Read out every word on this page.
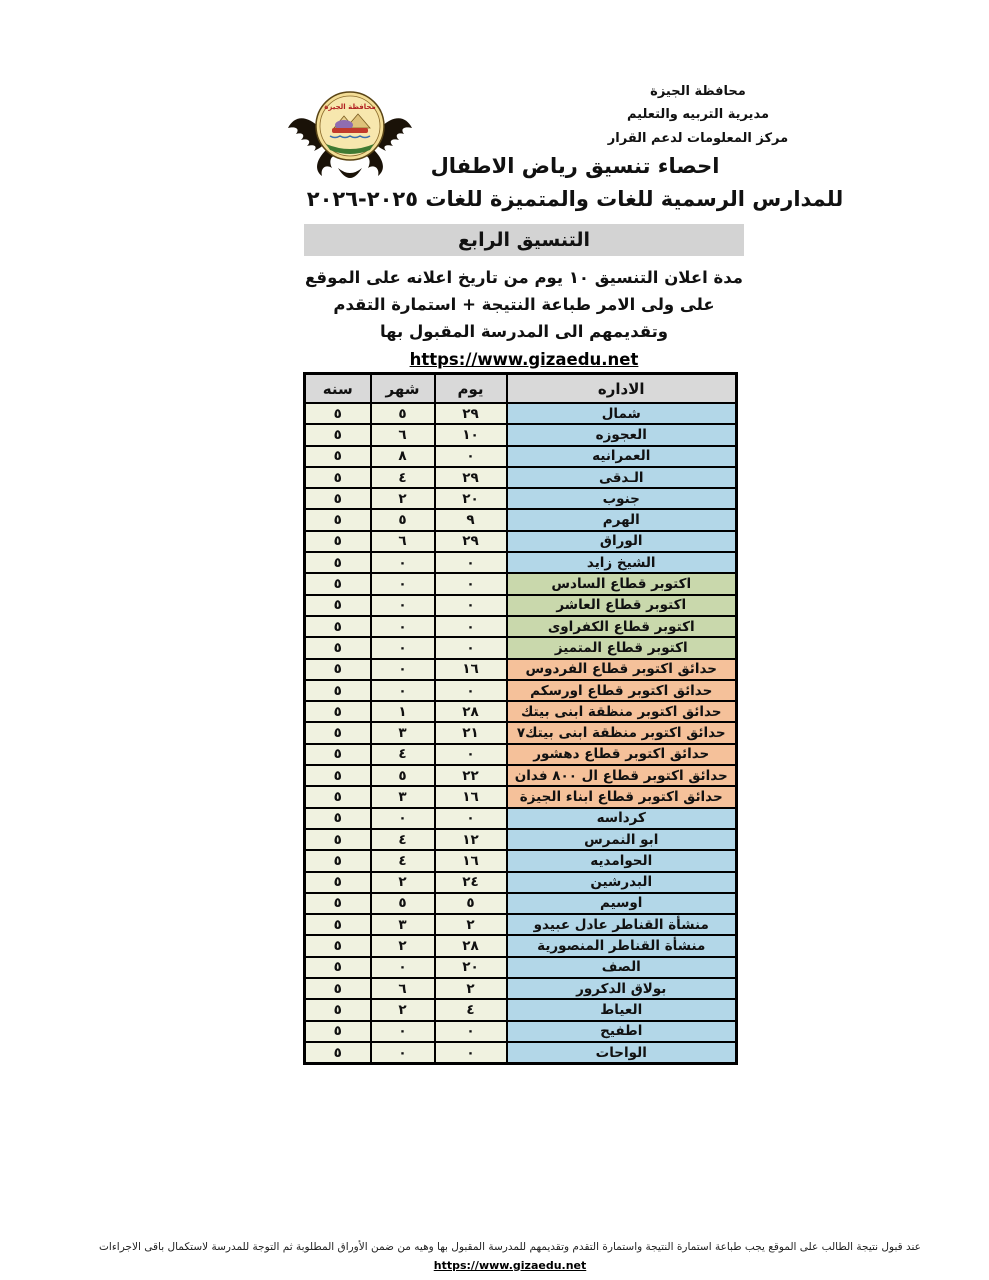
محافظة الجيزة
محافظة الجيزة
مديرية التربيه والتعليم
مركز المعلومات لدعم القرار
احصاء تنسيق رياض الاطفال
للمدارس الرسمية للغات والمتميزة للغات ٢٠٢٥-٢٠٢٦
التنسيق الرابع
مدة اعلان التنسيق ١٠ يوم من تاريخ اعلانه على الموقع
على ولى الامر طباعة النتيجة + استمارة التقدم
وتقديمهم الى المدرسة المقبول بها
https://www.gizaedu.net
الاداره	يوم	شهر	سنه
شمال	٢٩	٥	٥
العجوزه	١٠	٦	٥
العمرانيه	٠	٨	٥
الـدقى	٢٩	٤	٥
جنوب	٢٠	٢	٥
الهرم	٩	٥	٥
الوراق	٢٩	٦	٥
الشيخ زايد	٠	٠	٥
اكتوبر قطاع السادس	٠	٠	٥
اكتوبر قطاع العاشر	٠	٠	٥
اكتوبر قطاع الكفراوى	٠	٠	٥
اكتوبر قطاع المتميز	٠	٠	٥
حدائق اكتوبر قطاع الفردوس	١٦	٠	٥
حدائق اكتوبر قطاع اورسكم	٠	٠	٥
حدائق اكتوبر منظقة ابنى بيتك	٢٨	١	٥
حدائق اكتوبر منظقة ابنى بيتك٧	٢١	٣	٥
حدائق اكتوبر قطاع دهشور	٠	٤	٥
حدائق اكتوبر قطاع ال ٨٠٠ فدان	٢٢	٥	٥
حدائق اكتوبر قطاع ابناء الجيزة	١٦	٣	٥
كرداسه	٠	٠	٥
ابو النمرس	١٢	٤	٥
الحوامديه	١٦	٤	٥
البدرشين	٢٤	٢	٥
اوسيم	٥	٥	٥
منشأة القناطر عادل عبيدو	٢	٣	٥
منشأة القناطر المنصورية	٢٨	٢	٥
الصف	٢٠	٠	٥
بولاق الدكرور	٢	٦	٥
العياط	٤	٢	٥
اطفيح	٠	٠	٥
الواحات	٠	٠	٥
عند قبول نتيجة الطالب على الموقع يجب طباعة استمارة النتيجة واستمارة التقدم وتقديمهم للمدرسة المقبول بها وهيه من ضمن الأوراق المطلوبة ثم التوجة للمدرسة لاستكمال باقى الاجراءات
https://www.gizaedu.net
